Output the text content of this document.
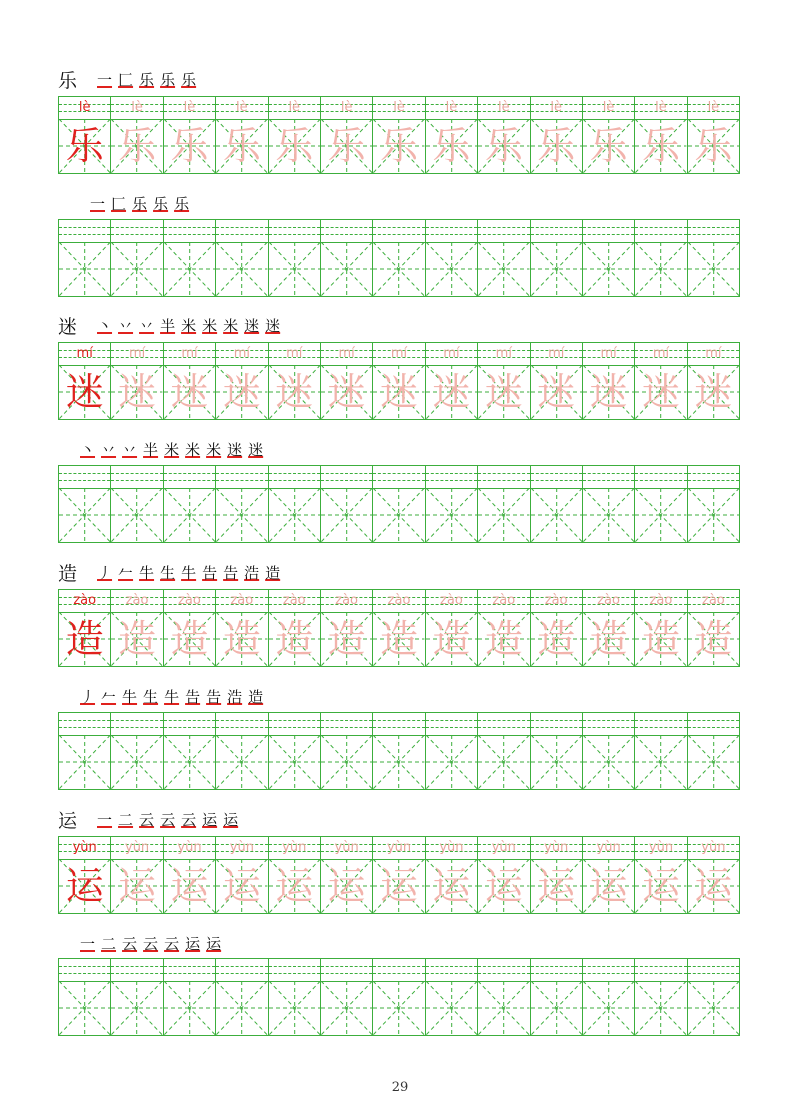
乐 一 匚 乐 乐 乐
lè
乐
lè
乐
lè
乐
lè
乐
lè
乐
lè
乐
lè
乐
lè
乐
lè
乐
lè
乐
lè
乐
lè
乐
lè
乐
一 匚 乐 乐 乐
迷 丶 丷 丷 半 米 米 米 迷 迷
mí
迷
mí
迷
mí
迷
mí
迷
mí
迷
mí
迷
mí
迷
mí
迷
mí
迷
mí
迷
mí
迷
mí
迷
mí
迷
丶 丷 丷 半 米 米 米 迷 迷
造 丿 𠂉 牛 生 牛 告 告 浩 造
zào
造
zào
造
zào
造
zào
造
zào
造
zào
造
zào
造
zào
造
zào
造
zào
造
zào
造
zào
造
zào
造
丿 𠂉 牛 生 牛 告 告 浩 造
运 一 二 云 云 云 运 运
yùn
运
yùn
运
yùn
运
yùn
运
yùn
运
yùn
运
yùn
运
yùn
运
yùn
运
yùn
运
yùn
运
yùn
运
yùn
运
一 二 云 云 云 运 运
29
